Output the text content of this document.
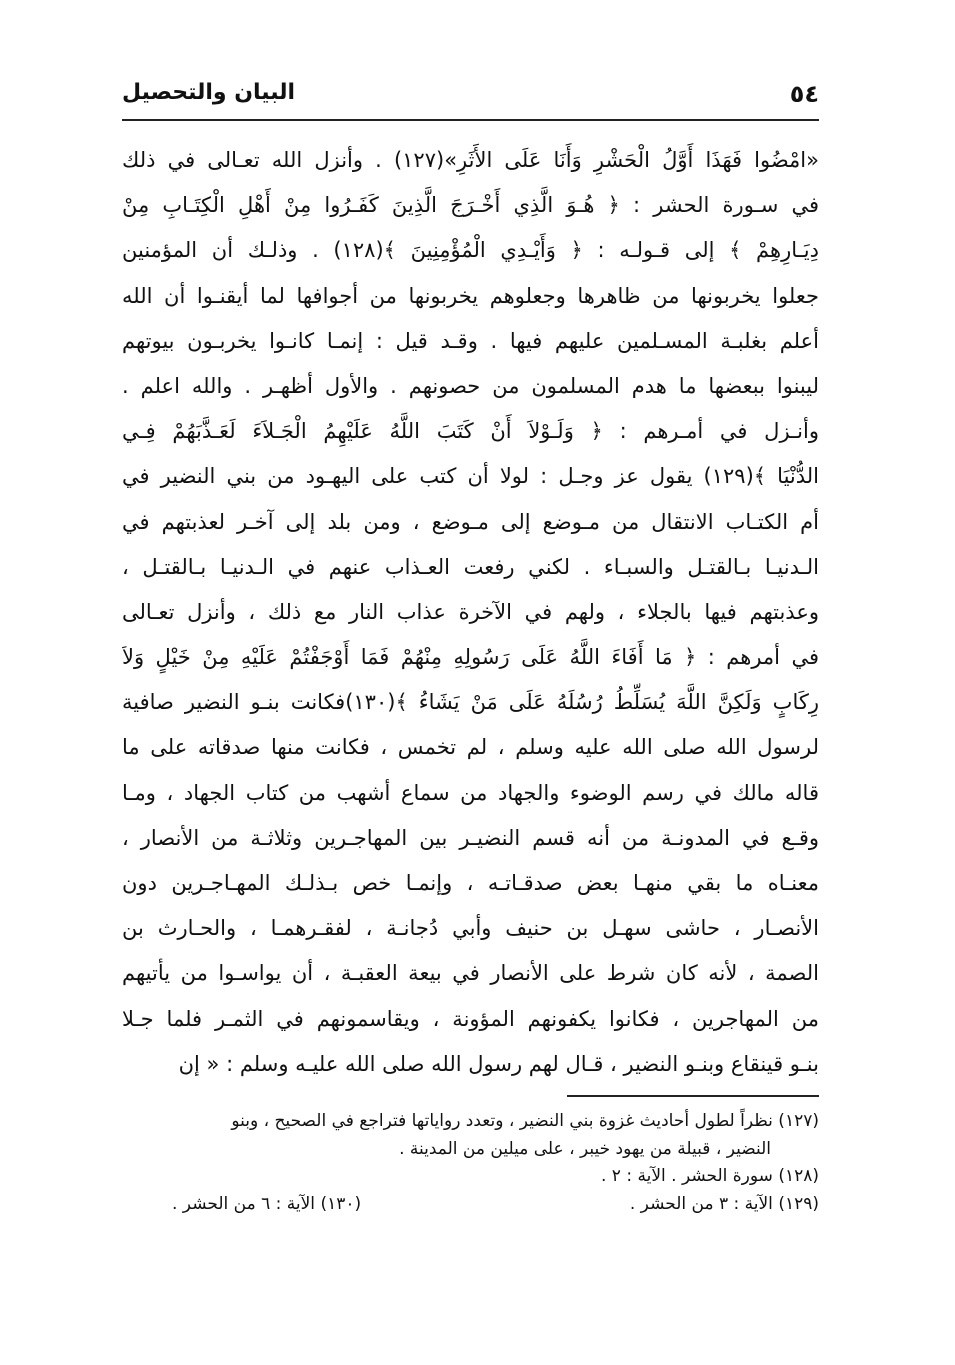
٥٤
البيان والتحصيل
«امْضُوا فَهَذَا أَوَّلُ الْحَشْرِ وَأَنَا عَلَى الأَثَرِ»(١٢٧) . وأنزل الله تعـالى في ذلك
في سـورة الحشر : ﴿ هُـوَ الَّذِي أَخْـرَجَ الَّذِينَ كَفَـرُوا مِنْ أَهْلِ الْكِتَـابِ مِنْ
دِيَـارِهِمْ ﴾ إلى قـولـه : ﴿ وَأَيْـدِي الْمُؤْمِنِينَ ﴾(١٢٨) . وذلـك أن المؤمنين
جعلوا يخربونها من ظاهرها وجعلوهم يخربونها من أجوافها لما أيقنـوا أن الله
أعلم بغلبـة المسـلمين عليهم فيها . وقـد قيل : إنمـا كانـوا يخربـون بيوتهم
ليبنوا ببعضها ما هدم المسلمون من حصونهم . والأول أظهـر . والله اعلم .
وأنـزل في أمـرهم : ﴿ وَلَـوْلاَ أَنْ كَتَبَ اللَّهُ عَلَيْهِمُ الْجَـلاَءَ لَعَـذَّبَهُمْ فِـي
الدُّنْيَا ﴾(١٢٩) يقول عز وجـل : لولا أن كتب على اليهـود من بني النضير في
أم الكتـاب الانتقال من مـوضع إلى مـوضع ، ومن بلد إلى آخـر لعذبتهم في
الـدنيـا بـالقتـل والسبـاء . لكني رفعت العـذاب عنهم في الـدنيـا بـالقتـل ،
وعذبتهم فيها بالجلاء ، ولهم في الآخرة عذاب النار مع ذلك ، وأنزل تعـالى
في أمرهم : ﴿ مَا أَفَاءَ اللَّهُ عَلَى رَسُولِهِ مِنْهُمْ فَمَا أَوْجَفْتُمْ عَلَيْهِ مِنْ خَيْلٍ وَلاَ
رِكَابٍ وَلَكِنَّ اللَّهَ يُسَلِّطُ رُسُلَهُ عَلَى مَنْ يَشَاءُ ﴾(١٣٠)فكانت بنـو النضير صافية
لرسول الله صلى الله عليه وسلم ، لم تخمس ، فكانت منها صدقاته على ما
قاله مالك في رسم الوضوء والجهاد من سماع أشهب من كتاب الجهاد ، ومـا
وقـع في المدونـة من أنه قسم النضيـر بين المهاجـرين وثلاثـة من الأنصار ،
معنـاه ما بقي منهـا بعض صدقـاتـه ، وإنمـا خص بـذلـك المهـاجـرين دون
الأنصـار ، حاشى سهـل بن حنيف وأبي دُجانـة ، لفقـرهمـا ، والحـارث بن
الصمة ، لأنه كان شرط على الأنصار في بيعة العقبـة ، أن يواسـوا من يأتيهم
من المهاجرين ، فكانوا يكفونهم المؤونة ، ويقاسمونهم في الثمـر فلما جـلا
بنـو قينقاع وبنـو النضير ، قـال لهم رسول الله صلى الله عليـه وسلم : « إن
(١٢٧) نظراً لطول أحاديث غزوة بني النضير ، وتعدد رواياتها فتراجع في الصحيح ، وبنو
النضير ، قبيلة من يهود خيبر ، على ميلين من المدينة .
(١٢٨) سورة الحشر . الآية : ٢ .
(١٢٩) الآية : ٣ من الحشر .
(١٣٠) الآية : ٦ من الحشر .
